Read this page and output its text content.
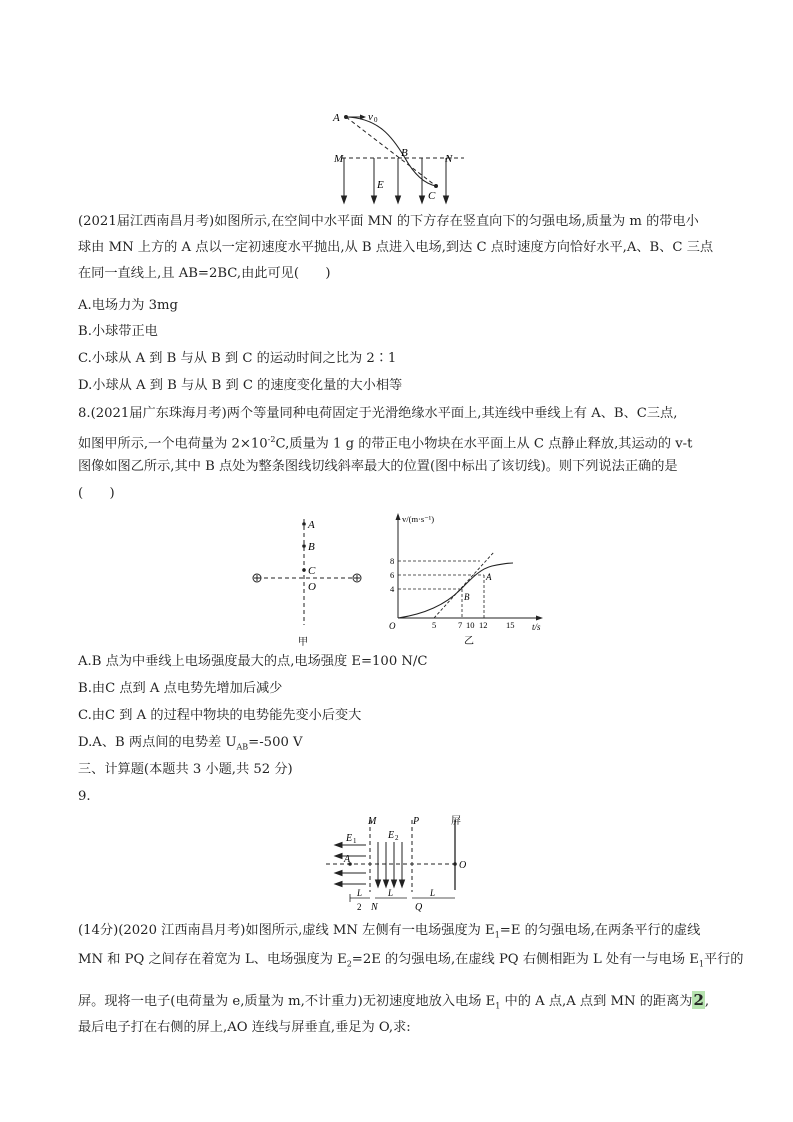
A	v 0
M	N
B
C
E
(2021届江西南昌月考)如图所示,在空间中水平面 MN 的下方存在竖直向下的匀强电场,质量为 m 的带电小
球由 MN 上方的 A 点以一定初速度水平抛出,从 B 点进入电场,到达 C 点时速度方向恰好水平,A、B、C 三点
在同一直线上,且 AB=2BC,由此可见(　　)
A.电场力为 3mg
B.小球带正电
C.小球从 A 到 B 与从 B 到 C 的运动时间之比为 2∶1
D.小球从 A 到 B 与从 B 到 C 的速度变化量的大小相等
8.(2021届广东珠海月考)两个等量同种电荷固定于光滑绝缘水平面上,其连线中垂线上有 A、B、C三点,
如图甲所示,一个电荷量为 $2\times 10^{-2}C$,质量为 1 g 的带正电小物块在水平面上从 C 点静止释放,其运动的 v-t
图像如图乙所示,其中 B 点处为整条图线切线斜率最大的位置(图中标出了该切线)。则下列说法正确的是
(　　)
A
B
C
O
甲
v/(m·s⁻¹)
t/s
O
8
6
4
5	7 10 12 15
A
B
乙
A.B 点为中垂线上电场强度最大的点,电场强度 E=100 N/C
B.由C 点到 A 点电势先增加后减少
C.由C 到 A 的过程中物块的电势能先变小后变大
D.A、B 两点间的电势差 $U_{AB}=-500$ V
三、计算题(本题共 3 小题,共 52 分)
9.
M	P	屏
E 1	E 2
A
O
L
2 N
L
Q
L
(14分)(2020 江西南昌月考)如图所示,虚线 MN 左侧有一电场强度为 $E_1=E$ 的匀强电场,在两条平行的虚线
MN 和 PQ 之间存在着宽为 L、电场强度为 $E_2=2E$ 的匀强电场,在虚线 PQ 右侧相距为 L 处有一与电场 $E_1$平行的
屏。现将一电子(电荷量为 e,质量为 m,不计重力)无初速度地放入电场 $E_1$ 中的 A 点,A 点到 MN 的距离为2,
最后电子打在右侧的屏上,AO 连线与屏垂直,垂足为 O,求:
